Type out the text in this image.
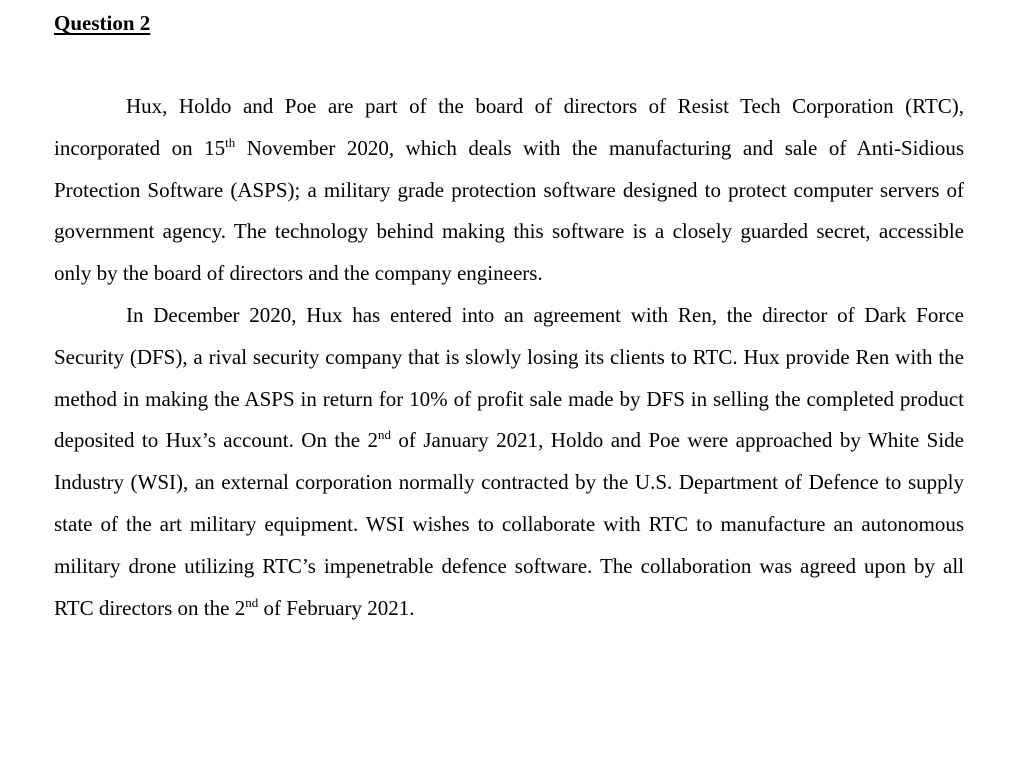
Question 2

Hux, Holdo and Poe are part of the board of directors of Resist Tech Corporation (RTC), incorporated on 15th November 2020, which deals with the manufacturing and sale of Anti-Sidious Protection Software (ASPS); a military grade protection software designed to protect computer servers of government agency. The technology behind making this software is a closely guarded secret, accessible only by the board of directors and the company engineers.

In December 2020, Hux has entered into an agreement with Ren, the director of Dark Force Security (DFS), a rival security company that is slowly losing its clients to RTC. Hux provide Ren with the method in making the ASPS in return for 10% of profit sale made by DFS in selling the completed product deposited to Hux’s account. On the 2nd of January 2021, Holdo and Poe were approached by White Side Industry (WSI), an external corporation normally contracted by the U.S. Department of Defence to supply state of the art military equipment. WSI wishes to collaborate with RTC to manufacture an autonomous military drone utilizing RTC’s impenetrable defence software. The collaboration was agreed upon by all RTC directors on the 2nd of February 2021.
